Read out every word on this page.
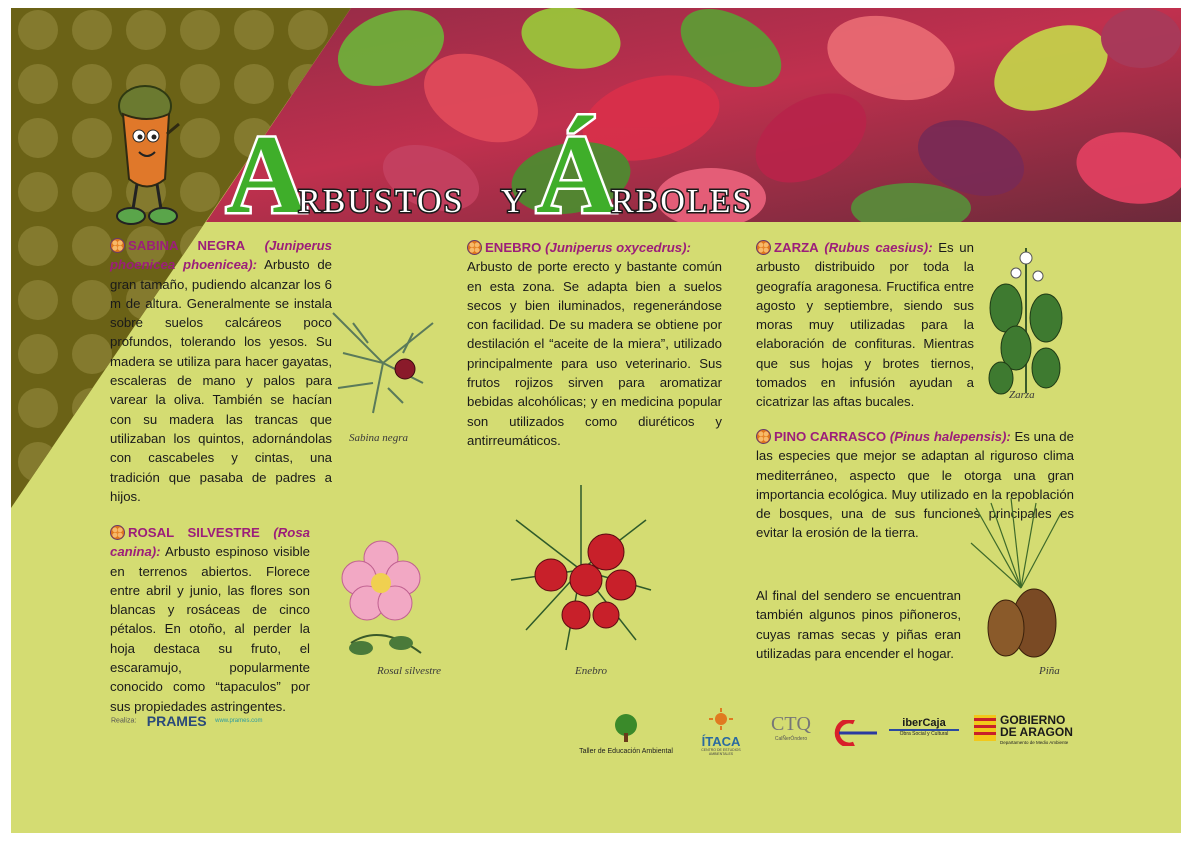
A
RBUSTOS Y Á
RBOLES

SABINA NEGRA (Juniperus phoenicea phoenicea): Arbusto de gran tamaño, pudiendo alcanzar los 6 m de altura. Generalmente se instala sobre suelos calcáreos poco profundos, tolerando los yesos. Su madera se utiliza para hacer gayatas, escaleras de mano y palos para varear la oliva. También se hacían con su madera las trancas que utilizaban los quintos, adornándolas con cascabeles y cintas, una tradición que pasaba de padres a hijos.

Sabina negra

ROSAL SILVESTRE (Rosa canina): Arbusto espinoso visible en terrenos abiertos. Florece entre abril y junio, las flores son blancas y rosáceas de cinco pétalos. En otoño, al perder la hoja destaca su fruto, el escaramujo, popularmente conocido como “tapaculos” por sus propiedades astringentes.

Rosal silvestre

ENEBRO (Juniperus oxycedrus):
Arbusto de porte erecto y bastante común en esta zona. Se adapta bien a suelos secos y bien iluminados, regenerándose con facilidad. De su madera se obtiene por destilación el “aceite de la miera”, utilizado principalmente para uso veterinario. Sus frutos rojizos sirven para aromatizar bebidas alcohólicas; y en medicina popular son utilizados como diuréticos y antirreumáticos.

Enebro

ZARZA (Rubus caesius): Es un arbusto distribuido por toda la geografía aragonesa. Fructifica entre agosto y septiembre, siendo sus moras muy utilizadas para la elaboración de confituras. Mientras que sus hojas y brotes tiernos, tomados en infusión ayudan a cicatrizar las aftas bucales.	Zarza

PINO CARRASCO (Pinus halepensis): Es una de las especies que mejor se adaptan al riguroso clima mediterráneo, aspecto que le otorga una gran importancia ecológica. Muy utilizado en la repoblación de bosques, una de sus funciones principales es evitar la erosión de la tierra.

Al final del sendero se encuentran también algunos pinos piñoneros, cuyas ramas secas y piñas eran utilizadas para encender el hogar.

Piña
Realiza: PRAMES www.prames.com
Taller de Educación Ambiental
ÍTACA
CENTRO DE ESTUDIOS AMBIENTALES
CTQ
CalÑerÓndero
iberCaja
Obra Social y Cultural
GOBIERNO
DE ARAGON
Departamento de Medio Ambiente
